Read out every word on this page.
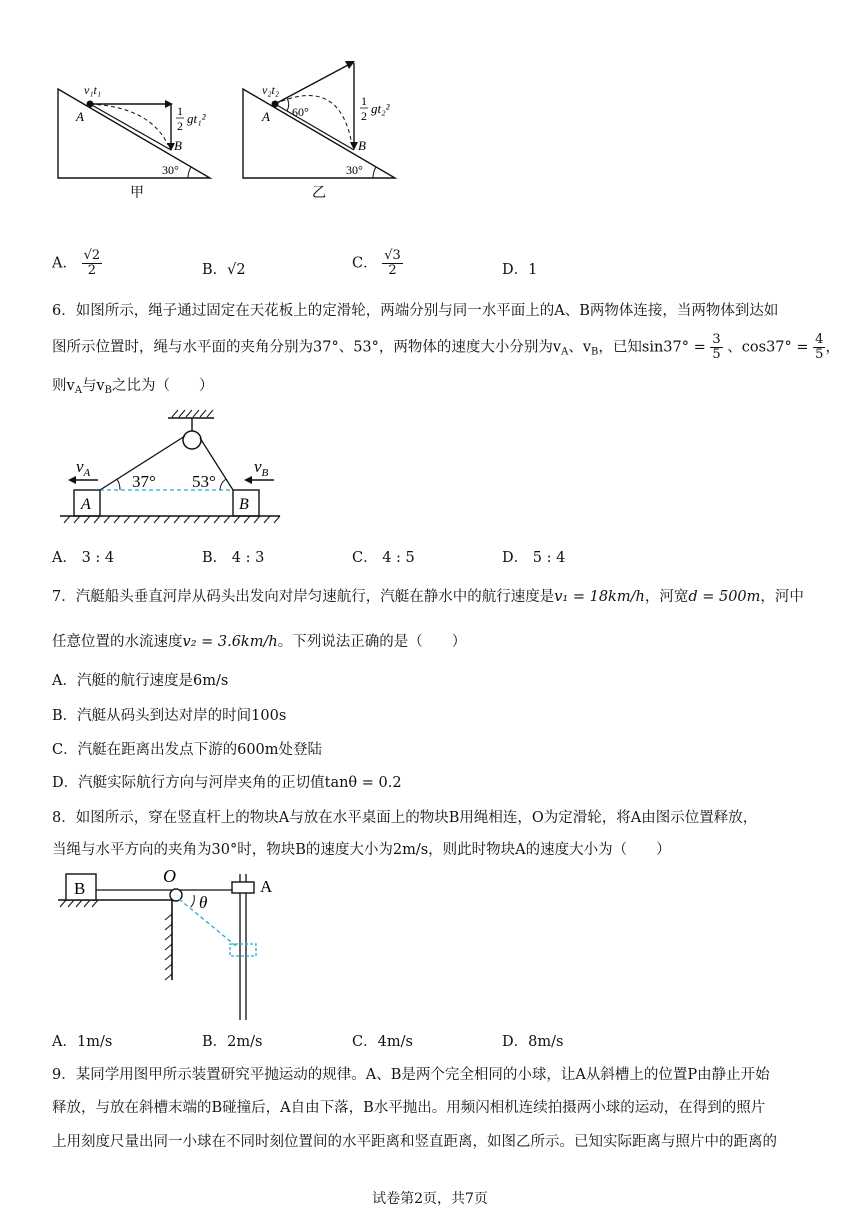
v₁t₁
A
B
1
2 gt₁²
30°
甲
v₂t₂
A 60°
B
1
2 gt₂²
30°
乙
A． $\frac{√2}{2}$	B．√2	C． $\frac{√3}{2}$	D．1
6．如图所示，绳子通过固定在天花板上的定滑轮，两端分别与同一水平面上的A、B两物体连接，当两物体到达如
图所示位置时，绳与水平面的夹角分别为37°、53°，两物体的速度大小分别为$v_A$、$v_B$，已知$\sin 37^\circ = \frac{3}{5}$ 、$\cos 37^\circ = \frac{4}{5}$ ，
则$v_A$与$v_B$之比为（　　）
A	B
37° 53°
$v_A$	$v_B$
A． 3 : 4	B． 4 : 3	C． 4 : 5	D． 5 : 4
7．汽艇船头垂直河岸从码头出发向对岸匀速航行，汽艇在静水中的航行速度是v₁ = 18km/h，河宽d = 500m，河中
任意位置的水流速度v₂ = 3.6km/h。下列说法正确的是（　　）
A．汽艇的航行速度是6m/s
B．汽艇从码头到达对岸的时间100s
C．汽艇在距离出发点下游的600m处登陆
D．汽艇实际航行方向与河岸夹角的正切值tanθ = 0.2
8．如图所示，穿在竖直杆上的物块A与放在水平桌面上的物块B用绳相连，O为定滑轮，将A由图示位置释放，
当绳与水平方向的夹角为30°时，物块B的速度大小为2m/s，则此时物块A的速度大小为（　　）
B
O
A
θ
A．1m/s	B．2m/s	C．4m/s	D．8m/s
9．某同学用图甲所示装置研究平抛运动的规律。A、B是两个完全相同的小球，让A从斜槽上的位置P由静止开始
释放，与放在斜槽末端的B碰撞后，A自由下落，B水平抛出。用频闪相机连续拍摄两小球的运动，在得到的照片
上用刻度尺量出同一小球在不同时刻位置间的水平距离和竖直距离，如图乙所示。已知实际距离与照片中的距离的
试卷第2页，共7页
